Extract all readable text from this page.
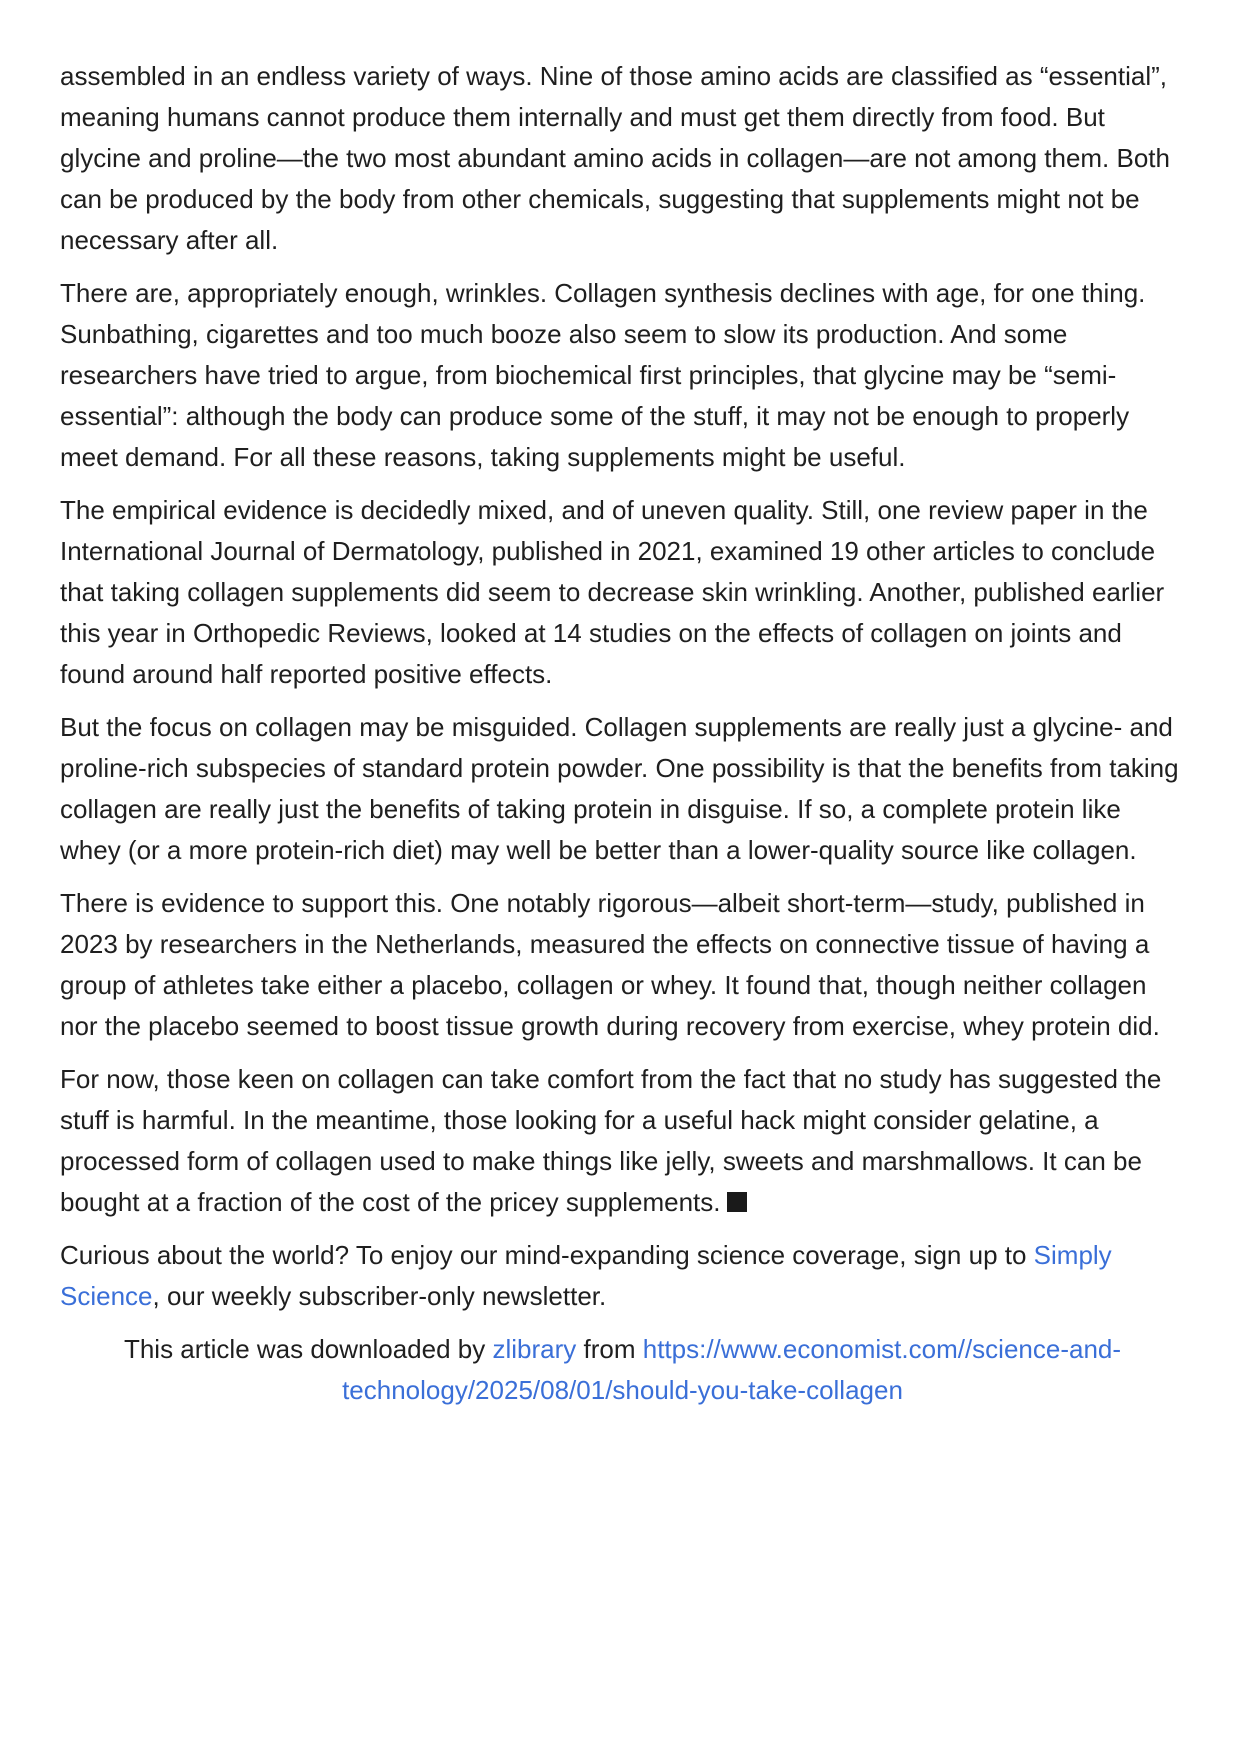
assembled in an endless variety of ways. Nine of those amino acids are classified as “essential”, meaning humans cannot produce them internally and must get them directly from food. But glycine and proline—the two most abundant amino acids in collagen—are not among them. Both can be produced by the body from other chemicals, suggesting that supplements might not be necessary after all.

There are, appropriately enough, wrinkles. Collagen synthesis declines with age, for one thing. Sunbathing, cigarettes and too much booze also seem to slow its production. And some researchers have tried to argue, from biochemical first principles, that glycine may be “semi-essential”: although the body can produce some of the stuff, it may not be enough to properly meet demand. For all these reasons, taking supplements might be useful.

The empirical evidence is decidedly mixed, and of uneven quality. Still, one review paper in the International Journal of Dermatology, published in 2021, examined 19 other articles to conclude that taking collagen supplements did seem to decrease skin wrinkling. Another, published earlier this year in Orthopedic Reviews, looked at 14 studies on the effects of collagen on joints and found around half reported positive effects.

But the focus on collagen may be misguided. Collagen supplements are really just a glycine- and proline-rich subspecies of standard protein powder. One possibility is that the benefits from taking collagen are really just the benefits of taking protein in disguise. If so, a complete protein like whey (or a more protein-rich diet) may well be better than a lower-quality source like collagen.

There is evidence to support this. One notably rigorous—albeit short-term—study, published in 2023 by researchers in the Netherlands, measured the effects on connective tissue of having a group of athletes take either a placebo, collagen or whey. It found that, though neither collagen nor the placebo seemed to boost tissue growth during recovery from exercise, whey protein did.

For now, those keen on collagen can take comfort from the fact that no study has suggested the stuff is harmful. In the meantime, those looking for a useful hack might consider gelatine, a processed form of collagen used to make things like jelly, sweets and marshmallows. It can be bought at a fraction of the cost of the pricey supplements.

Curious about the world? To enjoy our mind-expanding science coverage, sign up to Simply Science, our weekly subscriber-only newsletter.

This article was downloaded by zlibrary from https://www.economist.com//science-and-technology/2025/08/01/should-you-take-collagen
